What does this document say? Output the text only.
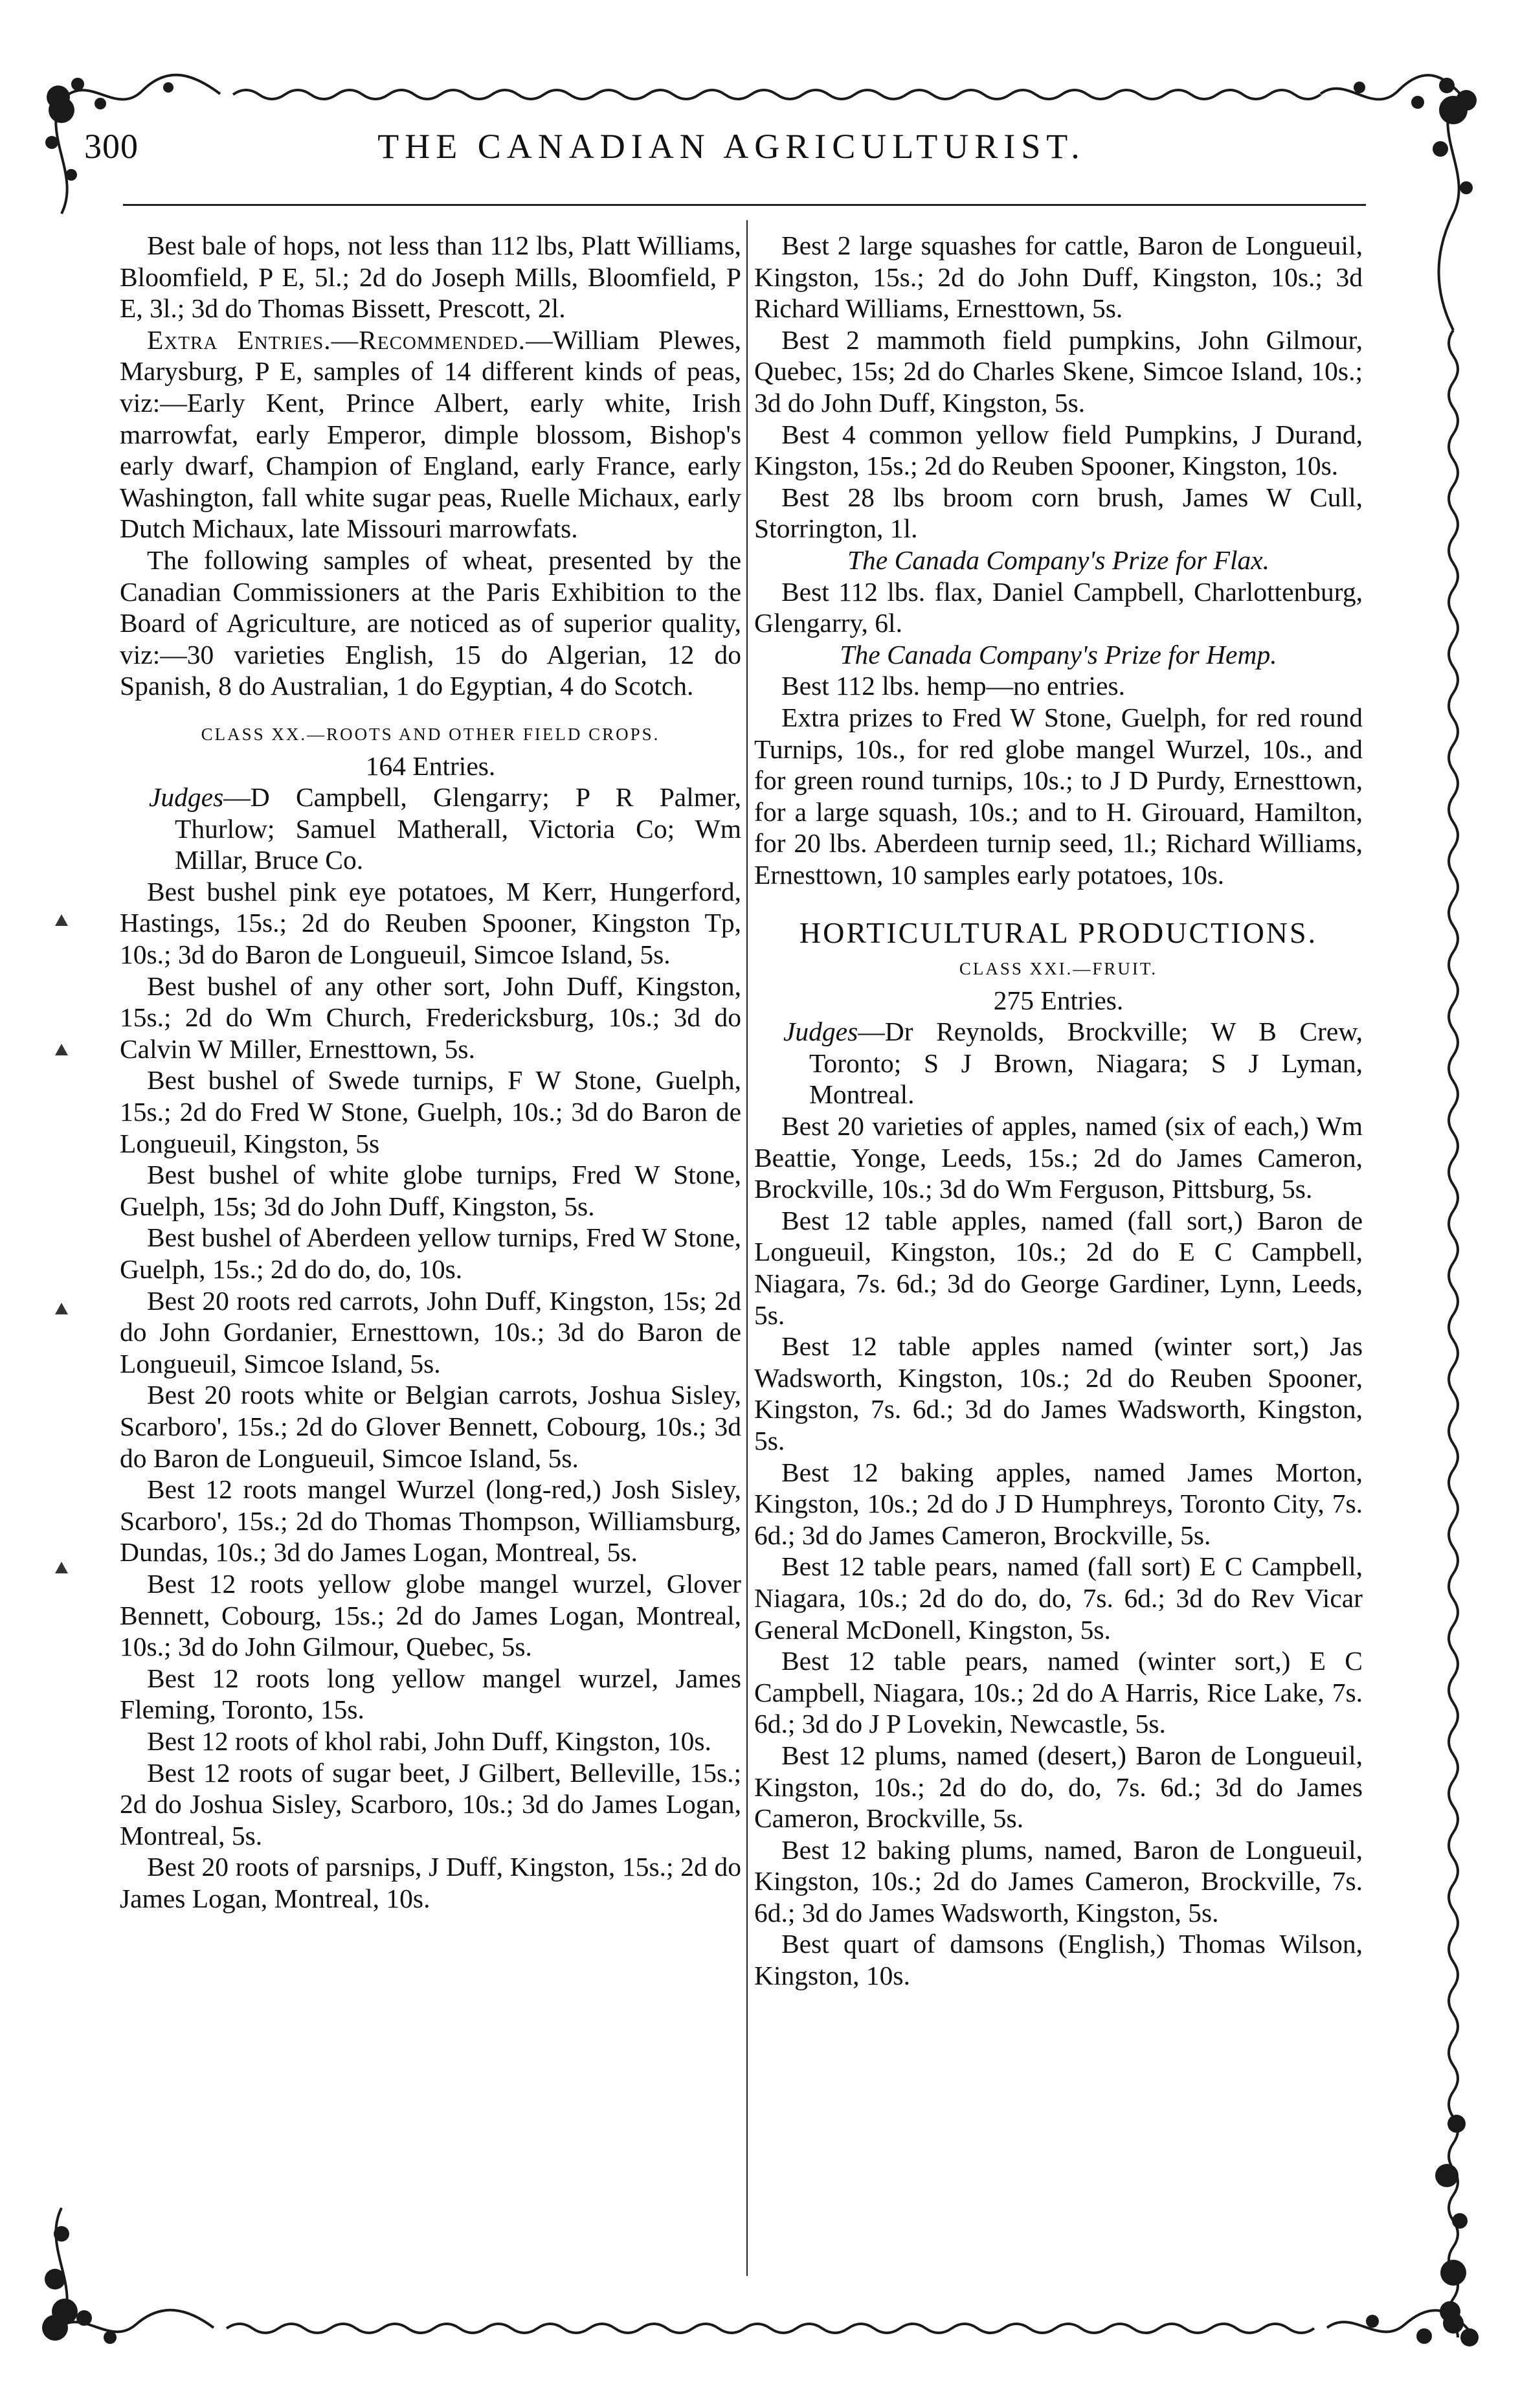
300	THE CANADIAN AGRICULTURIST.

Best bale of hops, not less than 112 lbs, Platt Williams, Bloomfield, P E, 5l.; 2d do Joseph Mills, Bloomfield, P E, 3l.; 3d do Thomas Bissett, Prescott, 2l.

Extra Entries.—Recommended.—William Plewes, Marysburg, P E, samples of 14 different kinds of peas, viz:—Early Kent, Prince Albert, early white, Irish marrowfat, early Emperor, dimple blossom, Bishop's early dwarf, Champion of England, early France, early Washington, fall white sugar peas, Ruelle Michaux, early Dutch Michaux, late Missouri marrowfats.

The following samples of wheat, presented by the Canadian Commissioners at the Paris Exhibition to the Board of Agriculture, are noticed as of superior quality, viz:—30 varieties English, 15 do Algerian, 12 do Spanish, 8 do Australian, 1 do Egyptian, 4 do Scotch.

CLASS XX.—ROOTS AND OTHER FIELD CROPS.

164 Entries.

Judges—D Campbell, Glengarry; P R Palmer, Thurlow; Samuel Matherall, Victoria Co; Wm Millar, Bruce Co.

Best bushel pink eye potatoes, M Kerr, Hungerford, Hastings, 15s.; 2d do Reuben Spooner, Kingston Tp, 10s.; 3d do Baron de Longueuil, Simcoe Island, 5s.

Best bushel of any other sort, John Duff, Kingston, 15s.; 2d do Wm Church, Fredericksburg, 10s.; 3d do Calvin W Miller, Ernesttown, 5s.

Best bushel of Swede turnips, F W Stone, Guelph, 15s.; 2d do Fred W Stone, Guelph, 10s.; 3d do Baron de Longueuil, Kingston, 5s

Best bushel of white globe turnips, Fred W Stone, Guelph, 15s; 3d do John Duff, Kingston, 5s.

Best bushel of Aberdeen yellow turnips, Fred W Stone, Guelph, 15s.; 2d do do, do, 10s.

Best 20 roots red carrots, John Duff, Kingston, 15s; 2d do John Gordanier, Ernesttown, 10s.; 3d do Baron de Longueuil, Simcoe Island, 5s.

Best 20 roots white or Belgian carrots, Joshua Sisley, Scarboro', 15s.; 2d do Glover Bennett, Cobourg, 10s.; 3d do Baron de Longueuil, Simcoe Island, 5s.

Best 12 roots mangel Wurzel (long-red,) Josh Sisley, Scarboro', 15s.; 2d do Thomas Thompson, Williamsburg, Dundas, 10s.; 3d do James Logan, Montreal, 5s.

Best 12 roots yellow globe mangel wurzel, Glover Bennett, Cobourg, 15s.; 2d do James Logan, Montreal, 10s.; 3d do John Gilmour, Quebec, 5s.

Best 12 roots long yellow mangel wurzel, James Fleming, Toronto, 15s.

Best 12 roots of khol rabi, John Duff, Kingston, 10s.

Best 12 roots of sugar beet, J Gilbert, Belleville, 15s.; 2d do Joshua Sisley, Scarboro, 10s.; 3d do James Logan, Montreal, 5s.

Best 20 roots of parsnips, J Duff, Kingston, 15s.; 2d do James Logan, Montreal, 10s.

Best 2 large squashes for cattle, Baron de Longueuil, Kingston, 15s.; 2d do John Duff, Kingston, 10s.; 3d Richard Williams, Ernesttown, 5s.

Best 2 mammoth field pumpkins, John Gilmour, Quebec, 15s; 2d do Charles Skene, Simcoe Island, 10s.; 3d do John Duff, Kingston, 5s.

Best 4 common yellow field Pumpkins, J Durand, Kingston, 15s.; 2d do Reuben Spooner, Kingston, 10s.

Best 28 lbs broom corn brush, James W Cull, Storrington, 1l.

The Canada Company's Prize for Flax.

Best 112 lbs. flax, Daniel Campbell, Charlottenburg, Glengarry, 6l.

The Canada Company's Prize for Hemp.

Best 112 lbs. hemp—no entries.

Extra prizes to Fred W Stone, Guelph, for red round Turnips, 10s., for red globe mangel Wurzel, 10s., and for green round turnips, 10s.; to J D Purdy, Ernesttown, for a large squash, 10s.; and to H. Girouard, Hamilton, for 20 lbs. Aberdeen turnip seed, 1l.; Richard Williams, Ernesttown, 10 samples early potatoes, 10s.

HORTICULTURAL PRODUCTIONS.

CLASS XXI.—FRUIT.

275 Entries.

Judges—Dr Reynolds, Brockville; W B Crew, Toronto; S J Brown, Niagara; S J Lyman, Montreal.

Best 20 varieties of apples, named (six of each,) Wm Beattie, Yonge, Leeds, 15s.; 2d do James Cameron, Brockville, 10s.; 3d do Wm Ferguson, Pittsburg, 5s.

Best 12 table apples, named (fall sort,) Baron de Longueuil, Kingston, 10s.; 2d do E C Campbell, Niagara, 7s. 6d.; 3d do George Gardiner, Lynn, Leeds, 5s.

Best 12 table apples named (winter sort,) Jas Wadsworth, Kingston, 10s.; 2d do Reuben Spooner, Kingston, 7s. 6d.; 3d do James Wadsworth, Kingston, 5s.

Best 12 baking apples, named James Morton, Kingston, 10s.; 2d do J D Humphreys, Toronto City, 7s. 6d.; 3d do James Cameron, Brockville, 5s.

Best 12 table pears, named (fall sort) E C Campbell, Niagara, 10s.; 2d do do, do, 7s. 6d.; 3d do Rev Vicar General McDonell, Kingston, 5s.

Best 12 table pears, named (winter sort,) E C Campbell, Niagara, 10s.; 2d do A Harris, Rice Lake, 7s. 6d.; 3d do J P Lovekin, Newcastle, 5s.

Best 12 plums, named (desert,) Baron de Longueuil, Kingston, 10s.; 2d do do, do, 7s. 6d.; 3d do James Cameron, Brockville, 5s.

Best 12 baking plums, named, Baron de Longueuil, Kingston, 10s.; 2d do James Cameron, Brockville, 7s. 6d.; 3d do James Wadsworth, Kingston, 5s.

Best quart of damsons (English,) Thomas Wilson, Kingston, 10s.
